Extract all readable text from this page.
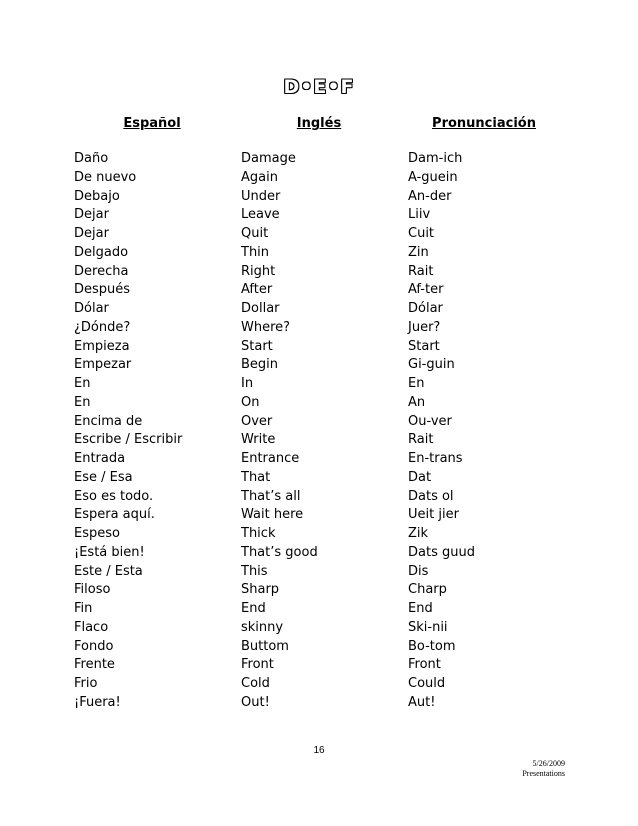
D•E•F
Español	Inglés	Pronunciación
Daño	Damage	Dam-ich
De nuevo	Again	A-guein
Debajo	Under	An-der
Dejar	Leave	Liiv
Dejar	Quit	Cuit
Delgado	Thin	Zin
Derecha	Right	Rait
Después	After	Af-ter
Dólar	Dollar	Dólar
¿Dónde?	Where?	Juer?
Empieza	Start	Start
Empezar	Begin	Gi-guin
En	In	En
En	On	An
Encima de	Over	Ou-ver
Escribe / Escribir	Write	Rait
Entrada	Entrance	En-trans
Ese / Esa	That	Dat
Eso es todo.	That’s all	Dats ol
Espera aquí.	Wait here	Ueit jier
Espeso	Thick	Zik
¡Está bien!	That’s good	Dats guud
Este / Esta	This	Dis
Filoso	Sharp	Charp
Fin	End	End
Flaco	skinny	Ski-nii
Fondo	Buttom	Bo-tom
Frente	Front	Front
Frio	Cold	Could
¡Fuera!	Out!	Aut!
16
5/26/2009
Presentations
